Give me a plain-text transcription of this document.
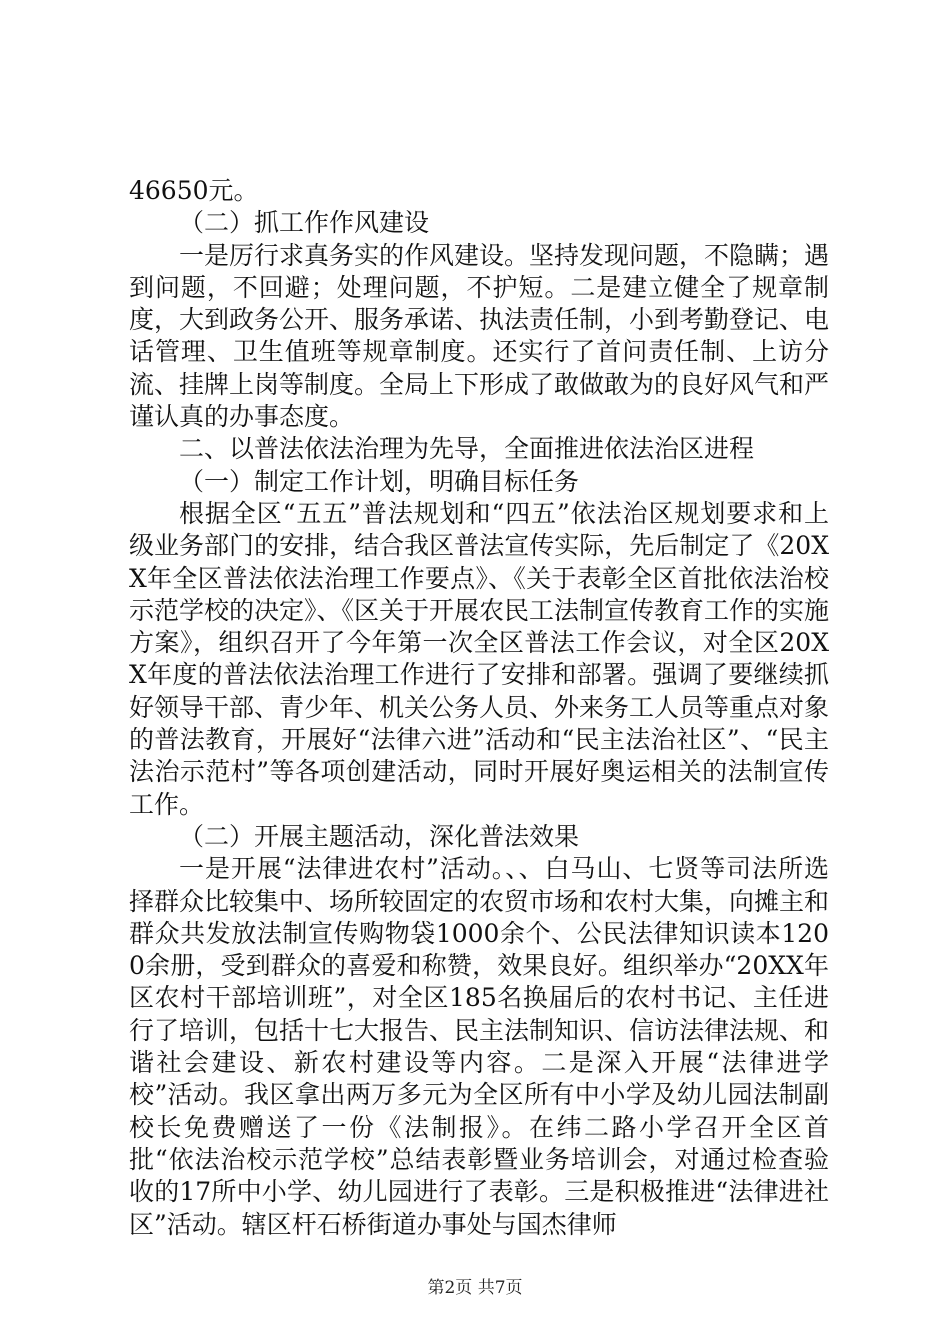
46650元。

（二）抓工作作风建设

一是厉行求真务实的作风建设。坚持发现问题，不隐瞒；遇到问题，不回避；处理问题，不护短。二是建立健全了规章制度，大到政务公开、服务承诺、执法责任制，小到考勤登记、电话管理、卫生值班等规章制度。还实行了首问责任制、上访分流、挂牌上岗等制度。全局上下形成了敢做敢为的良好风气和严谨认真的办事态度。

二、以普法依法治理为先导，全面推进依法治区进程

（一）制定工作计划，明确目标任务

根据全区“五五”普法规划和“四五”依法治区规划要求和上级业务部门的安排，结合我区普法宣传实际，先后制定了《20XX年全区普法依法治理工作要点》、《关于表彰全区首批依法治校示范学校的决定》、《区关于开展农民工法制宣传教育工作的实施方案》，组织召开了今年第一次全区普法工作会议，对全区20XX年度的普法依法治理工作进行了安排和部署。强调了要继续抓好领导干部、青少年、机关公务人员、外来务工人员等重点对象的普法教育，开展好“法律六进”活动和“民主法治社区”、“民主法治示范村”等各项创建活动，同时开展好奥运相关的法制宣传工作。

（二）开展主题活动，深化普法效果

一是开展“法律进农村”活动。、、白马山、七贤等司法所选择群众比较集中、场所较固定的农贸市场和农村大集，向摊主和群众共发放法制宣传购物袋1000余个、公民法律知识读本1200余册，受到群众的喜爱和称赞，效果良好。组织举办“20XX年区农村干部培训班”，对全区185名换届后的农村书记、主任进行了培训，包括十七大报告、民主法制知识、信访法律法规、和谐社会建设、新农村建设等内容。二是深入开展“法律进学校”活动。我区拿出两万多元为全区所有中小学及幼儿园法制副校长免费赠送了一份《法制报》。在纬二路小学召开全区首批“依法治校示范学校”总结表彰暨业务培训会，对通过检查验收的17所中小学、幼儿园进行了表彰。三是积极推进“法律进社区”活动。辖区杆石桥街道办事处与国杰律师

第2页 共7页
